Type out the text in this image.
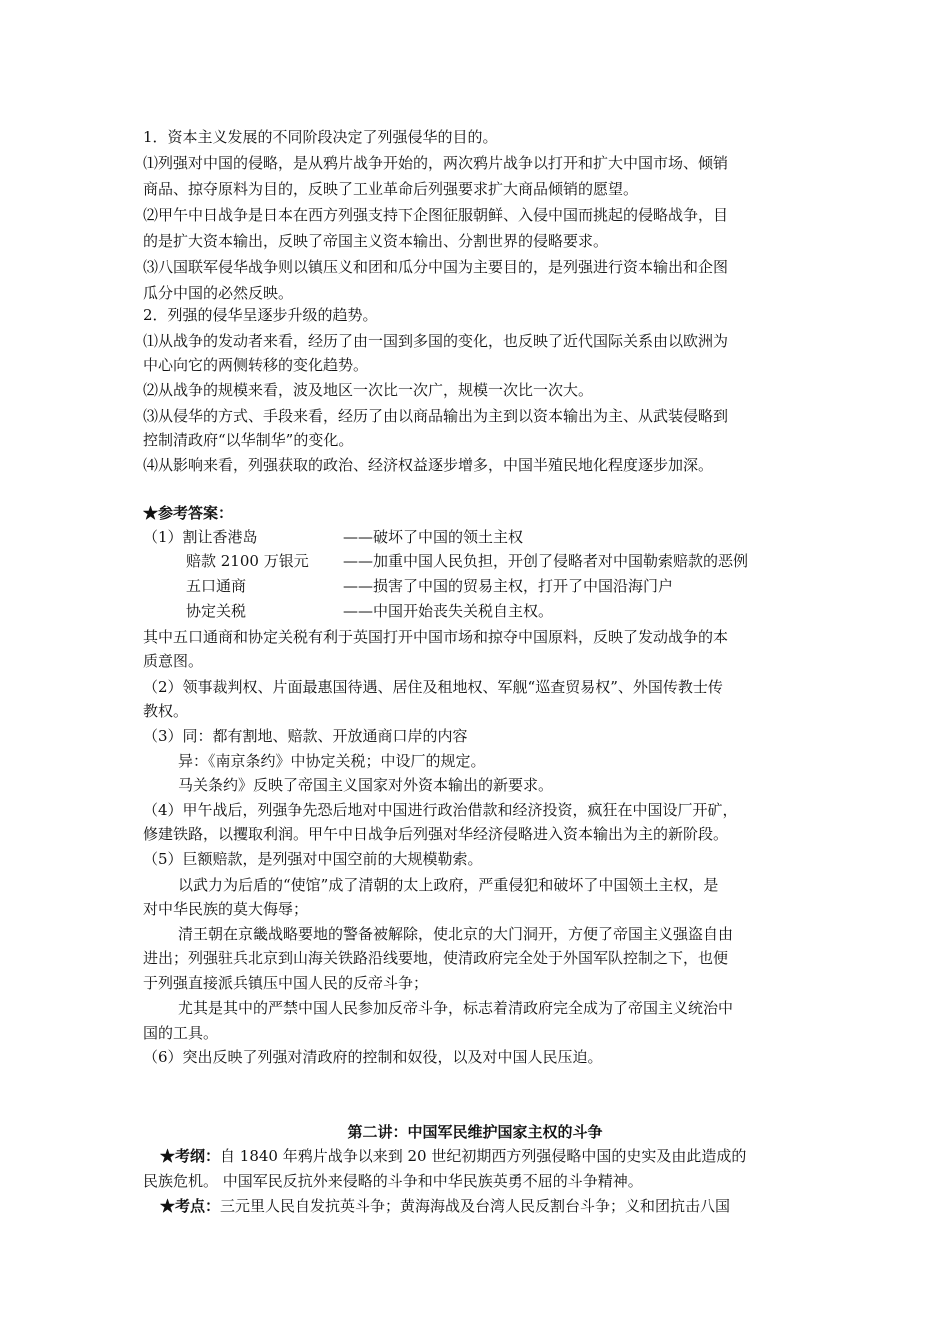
1．资本主义发展的不同阶段决定了列强侵华的目的。
⑴列强对中国的侵略，是从鸦片战争开始的，两次鸦片战争以打开和扩大中国市场、倾销
商品、掠夺原料为目的，反映了工业革命后列强要求扩大商品倾销的愿望。
⑵甲午中日战争是日本在西方列强支持下企图征服朝鲜、入侵中国而挑起的侵略战争，目
的是扩大资本输出，反映了帝国主义资本输出、分割世界的侵略要求。
⑶八国联军侵华战争则以镇压义和团和瓜分中国为主要目的，是列强进行资本输出和企图
瓜分中国的必然反映。
2．列强的侵华呈逐步升级的趋势。
⑴从战争的发动者来看，经历了由一国到多国的变化，也反映了近代国际关系由以欧洲为
中心向它的两侧转移的变化趋势。
⑵从战争的规模来看，波及地区一次比一次广，规模一次比一次大。
⑶从侵华的方式、手段来看，经历了由以商品输出为主到以资本输出为主、从武装侵略到
控制清政府“以华制华”的变化。
⑷从影响来看，列强获取的政治、经济权益逐步增多，中国半殖民地化程度逐步加深。
★参考答案：
（1）割让香港岛	——破坏了中国的领土主权
赔款 2100 万银元 ——加重中国人民负担，开创了侵略者对中国勒索赔款的恶例
五口通商	——损害了中国的贸易主权，打开了中国沿海门户
协定关税	——中国开始丧失关税自主权。
其中五口通商和协定关税有利于英国打开中国市场和掠夺中国原料，反映了发动战争的本
质意图。
（2）领事裁判权、片面最惠国待遇、居住及租地权、军舰“巡查贸易权”、外国传教士传
教权。
（3）同：都有割地、赔款、开放通商口岸的内容
异：《南京条约》中协定关税；中设厂的规定。
马关条约》反映了帝国主义国家对外资本输出的新要求。
（4）甲午战后，列强争先恐后地对中国进行政治借款和经济投资，疯狂在中国设厂开矿，
修建铁路，以攫取利润。甲午中日战争后列强对华经济侵略进入资本输出为主的新阶段。
（5）巨额赔款，是列强对中国空前的大规模勒索。
以武力为后盾的“使馆”成了清朝的太上政府，严重侵犯和破坏了中国领土主权，是
对中华民族的莫大侮辱；
清王朝在京畿战略要地的警备被解除，使北京的大门洞开，方便了帝国主义强盗自由
进出；列强驻兵北京到山海关铁路沿线要地，使清政府完全处于外国军队控制之下，也便
于列强直接派兵镇压中国人民的反帝斗争；
尤其是其中的严禁中国人民参加反帝斗争，标志着清政府完全成为了帝国主义统治中
国的工具。
（6）突出反映了列强对清政府的控制和奴役，以及对中国人民压迫。
第二讲：中国军民维护国家主权的斗争
★考纲：自 1840 年鸦片战争以来到 20 世纪初期西方列强侵略中国的史实及由此造成的
民族危机。 中国军民反抗外来侵略的斗争和中华民族英勇不屈的斗争精神。
★考点：三元里人民自发抗英斗争；黄海海战及台湾人民反割台斗争；义和团抗击八国
